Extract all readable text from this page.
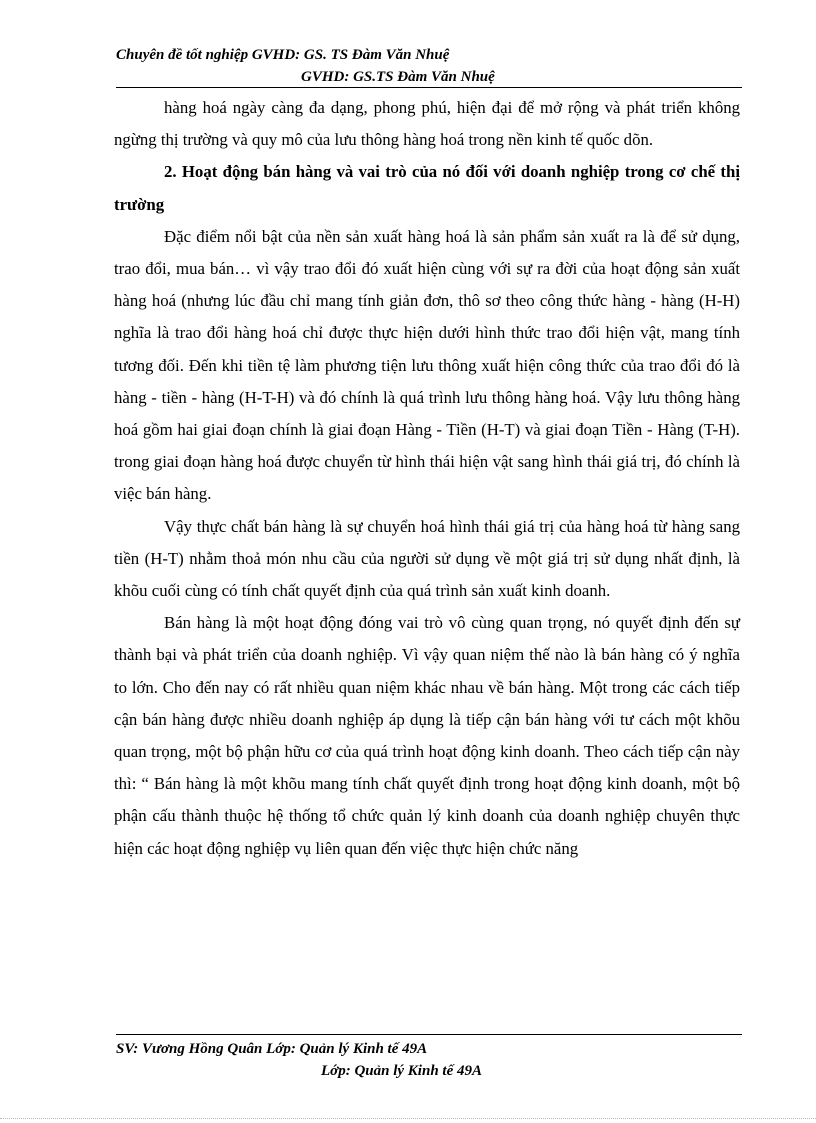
Chuyên đề tốt nghiệp GVHD: GS. TS Đàm Văn Nhuệ
GVHD: GS.TS Đàm Văn Nhuệ

hàng hoá ngày càng đa dạng, phong phú, hiện đại để mở rộng và phát triển không ngừng thị trường và quy mô của lưu thông hàng hoá trong nền kinh tế quốc dõn.

2. Hoạt động bán hàng và vai trò của nó đối với doanh nghiệp trong cơ chế thị trường

Đặc điểm nổi bật của nền sản xuất hàng hoá là sản phẩm sản xuất ra là để sử dụng, trao đổi, mua bán… vì vậy trao đổi đó xuất hiện cùng với sự ra đời của hoạt động sản xuất hàng hoá (nhưng lúc đầu chỉ mang tính giản đơn, thô sơ theo công thức hàng - hàng (H-H) nghĩa là trao đổi hàng hoá chỉ được thực hiện dưới hình thức trao đổi hiện vật, mang tính tương đối. Đến khi tiền tệ làm phương tiện lưu thông xuất hiện công thức của trao đổi đó là hàng - tiền - hàng (H-T-H) và đó chính là quá trình lưu thông hàng hoá. Vậy lưu thông hàng hoá gồm hai giai đoạn chính là giai đoạn Hàng - Tiền (H-T) và giai đoạn Tiền - Hàng (T-H). trong giai đoạn hàng hoá được chuyển từ hình thái hiện vật sang hình thái giá trị, đó chính là việc bán hàng.

Vậy thực chất bán hàng là sự chuyển hoá hình thái giá trị của hàng hoá từ hàng sang tiền (H-T) nhằm thoả món nhu cầu của người sử dụng về một giá trị sử dụng nhất định, là khõu cuối cùng có tính chất quyết định của quá trình sản xuất kinh doanh.

Bán hàng là một hoạt động đóng vai trò vô cùng quan trọng, nó quyết định đến sự thành bại và phát triển của doanh nghiệp. Vì vậy quan niệm thế nào là bán hàng có ý nghĩa to lớn. Cho đến nay có rất nhiều quan niệm khác nhau về bán hàng. Một trong các cách tiếp cận bán hàng được nhiều doanh nghiệp áp dụng là tiếp cận bán hàng với tư cách một khõu quan trọng, một bộ phận hữu cơ của quá trình hoạt động kinh doanh. Theo cách tiếp cận này thì: “ Bán hàng là một khõu mang tính chất quyết định trong hoạt động kinh doanh, một bộ phận cấu thành thuộc hệ thống tổ chức quản lý kinh doanh của doanh nghiệp chuyên thực hiện các hoạt động nghiệp vụ liên quan đến việc thực hiện chức năng

SV: Vương Hồng Quân Lớp: Quản lý Kinh tế 49A
Lớp: Quản lý Kinh tế 49A
